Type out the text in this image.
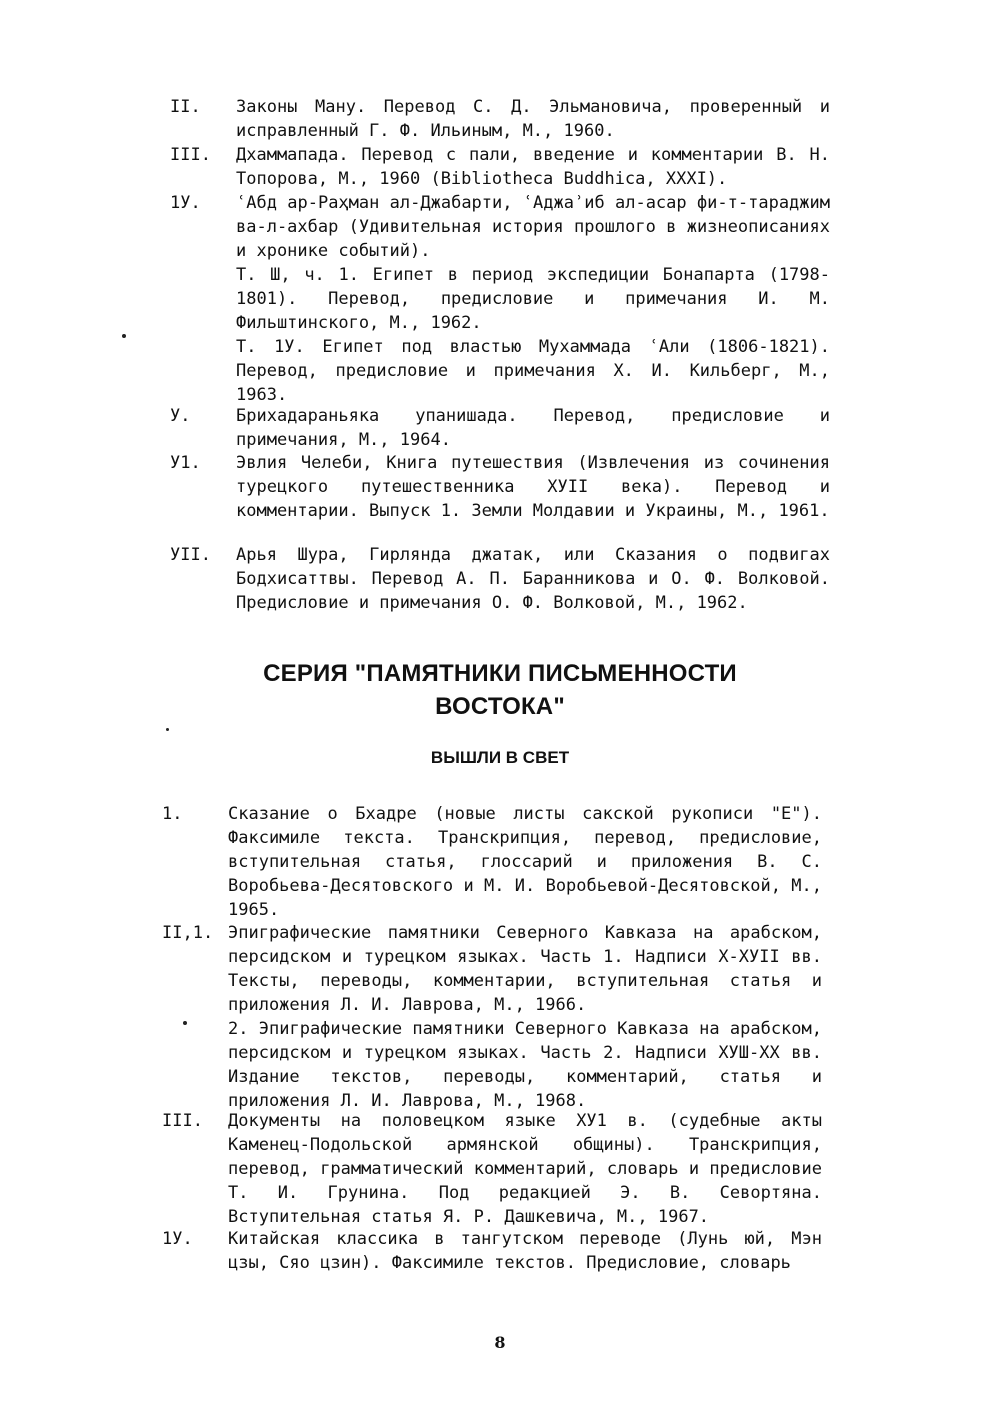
II.	Законы Ману. Перевод С. Д. Эльмановича, проверенный и исправленный Г. Ф. Ильиным, М., 1960.

III.	Дхаммапада. Перевод с пали, введение и комментарии В. Н. Топорова, М., 1960 (Bibliotheca Buddhica, XXXI).

1У.	ʿАбд ар-Раҳман ал-Джабарти, ʿАджаʾиб ал-асар фи-т-тараджим ва-л-ахбар (Удивительная история прошлого в жизнеописаниях и хронике событий).

Т. Ш, ч. 1. Египет в период экспедиции Бонапарта (1798-1801). Перевод, предисловие и примечания И. М. Фильштинского, М., 1962.

Т. 1У. Египет под властью Мухаммада ʿАли (1806-1821). Перевод, предисловие и примечания Х. И. Кильберг, М., 1963.

У.	Брихадараньяка упанишада. Перевод, предисловие и примечания, М., 1964.

У1.	Эвлия Челеби, Книга путешествия (Извлечения из сочинения турецкого путешественника ХУІІ века). Перевод и комментарии. Выпуск 1. Земли Молдавии и Украины, М., 1961.

УІІ.	Арья Шура, Гирлянда джатак, или Сказания о подвигах Бодхисаттвы. Перевод А. П. Баранникова и О. Ф. Волковой. Предисловие и примечания О. Ф. Волковой, М., 1962.

СЕРИЯ "ПАМЯТНИКИ ПИСЬМЕННОСТИ
ВОСТОКА"
ВЫШЛИ В СВЕТ
1.	Сказание о Бхадре (новые листы сакской рукописи "Е"). Факсимиле текста. Транскрипция, перевод, предисловие, вступительная статья, глоссарий и приложения В. С. Воробьева-Десятовского и М. И. Воробьевой-Десятовской, М., 1965.

II,1. Эпиграфические памятники Северного Кавказа на арабском, персидском и турецком языках. Часть 1. Надписи Х-ХУІІ вв. Тексты, переводы, комментарии, вступительная статья и приложения Л. И. Лаврова, М., 1966.

2. Эпиграфические памятники Северного Кавказа на арабском, персидском и турецком языках. Часть 2. Надписи ХУШ-ХХ вв. Издание текстов, переводы, комментарий, статья и приложения Л. И. Лаврова, М., 1968.

III.	Документы на половецком языке ХУ1 в. (судебные акты Каменец-Подольской армянской общины). Транскрипция, перевод, грамматический комментарий, словарь и предисловие Т. И. Грунина. Под редакцией Э. В. Севортяна. Вступительная статья Я. Р. Дашкевича, М., 1967.

1У.	Китайская классика в тангутском переводе (Лунь юй, Мэн цзы, Сяо цзин). Факсимиле текстов. Предисловие, словарь

8
